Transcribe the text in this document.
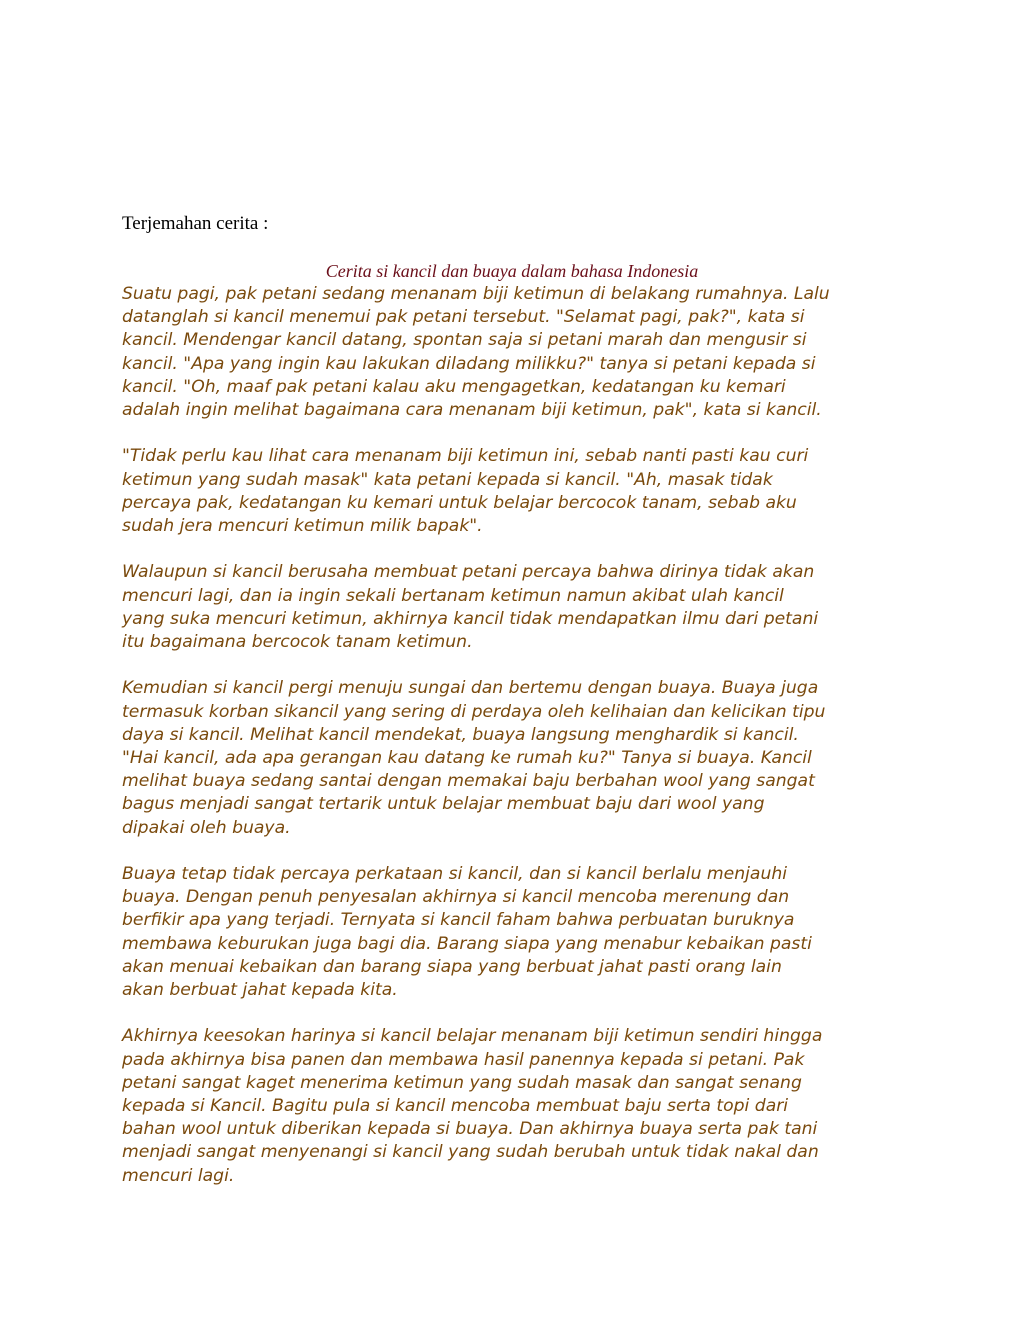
Terjemahan cerita :

Cerita si kancil dan buaya dalam bahasa Indonesia

Suatu pagi, pak petani sedang menanam biji ketimun di belakang rumahnya. Lalu
datanglah si kancil menemui pak petani tersebut. "Selamat pagi, pak?", kata si
kancil. Mendengar kancil datang, spontan saja si petani marah dan mengusir si
kancil. "Apa yang ingin kau lakukan diladang milikku?" tanya si petani kepada si
kancil. "Oh, maaf pak petani kalau aku mengagetkan, kedatangan ku kemari
adalah ingin melihat bagaimana cara menanam biji ketimun, pak", kata si kancil.

"Tidak perlu kau lihat cara menanam biji ketimun ini, sebab nanti pasti kau curi
ketimun yang sudah masak" kata petani kepada si kancil. "Ah, masak tidak
percaya pak, kedatangan ku kemari untuk belajar bercocok tanam, sebab aku
sudah jera mencuri ketimun milik bapak".

Walaupun si kancil berusaha membuat petani percaya bahwa dirinya tidak akan
mencuri lagi, dan ia ingin sekali bertanam ketimun namun akibat ulah kancil
yang suka mencuri ketimun, akhirnya kancil tidak mendapatkan ilmu dari petani
itu bagaimana bercocok tanam ketimun.

Kemudian si kancil pergi menuju sungai dan bertemu dengan buaya. Buaya juga
termasuk korban sikancil yang sering di perdaya oleh kelihaian dan kelicikan tipu
daya si kancil. Melihat kancil mendekat, buaya langsung menghardik si kancil.
"Hai kancil, ada apa gerangan kau datang ke rumah ku?" Tanya si buaya. Kancil
melihat buaya sedang santai dengan memakai baju berbahan wool yang sangat
bagus menjadi sangat tertarik untuk belajar membuat baju dari wool yang
dipakai oleh buaya.

Buaya tetap tidak percaya perkataan si kancil, dan si kancil berlalu menjauhi
buaya. Dengan penuh penyesalan akhirnya si kancil mencoba merenung dan
berfikir apa yang terjadi. Ternyata si kancil faham bahwa perbuatan buruknya
membawa keburukan juga bagi dia. Barang siapa yang menabur kebaikan pasti
akan menuai kebaikan dan barang siapa yang berbuat jahat pasti orang lain
akan berbuat jahat kepada kita.

Akhirnya keesokan harinya si kancil belajar menanam biji ketimun sendiri hingga
pada akhirnya bisa panen dan membawa hasil panennya kepada si petani. Pak
petani sangat kaget menerima ketimun yang sudah masak dan sangat senang
kepada si Kancil. Bagitu pula si kancil mencoba membuat baju serta topi dari
bahan wool untuk diberikan kepada si buaya. Dan akhirnya buaya serta pak tani
menjadi sangat menyenangi si kancil yang sudah berubah untuk tidak nakal dan
mencuri lagi.
